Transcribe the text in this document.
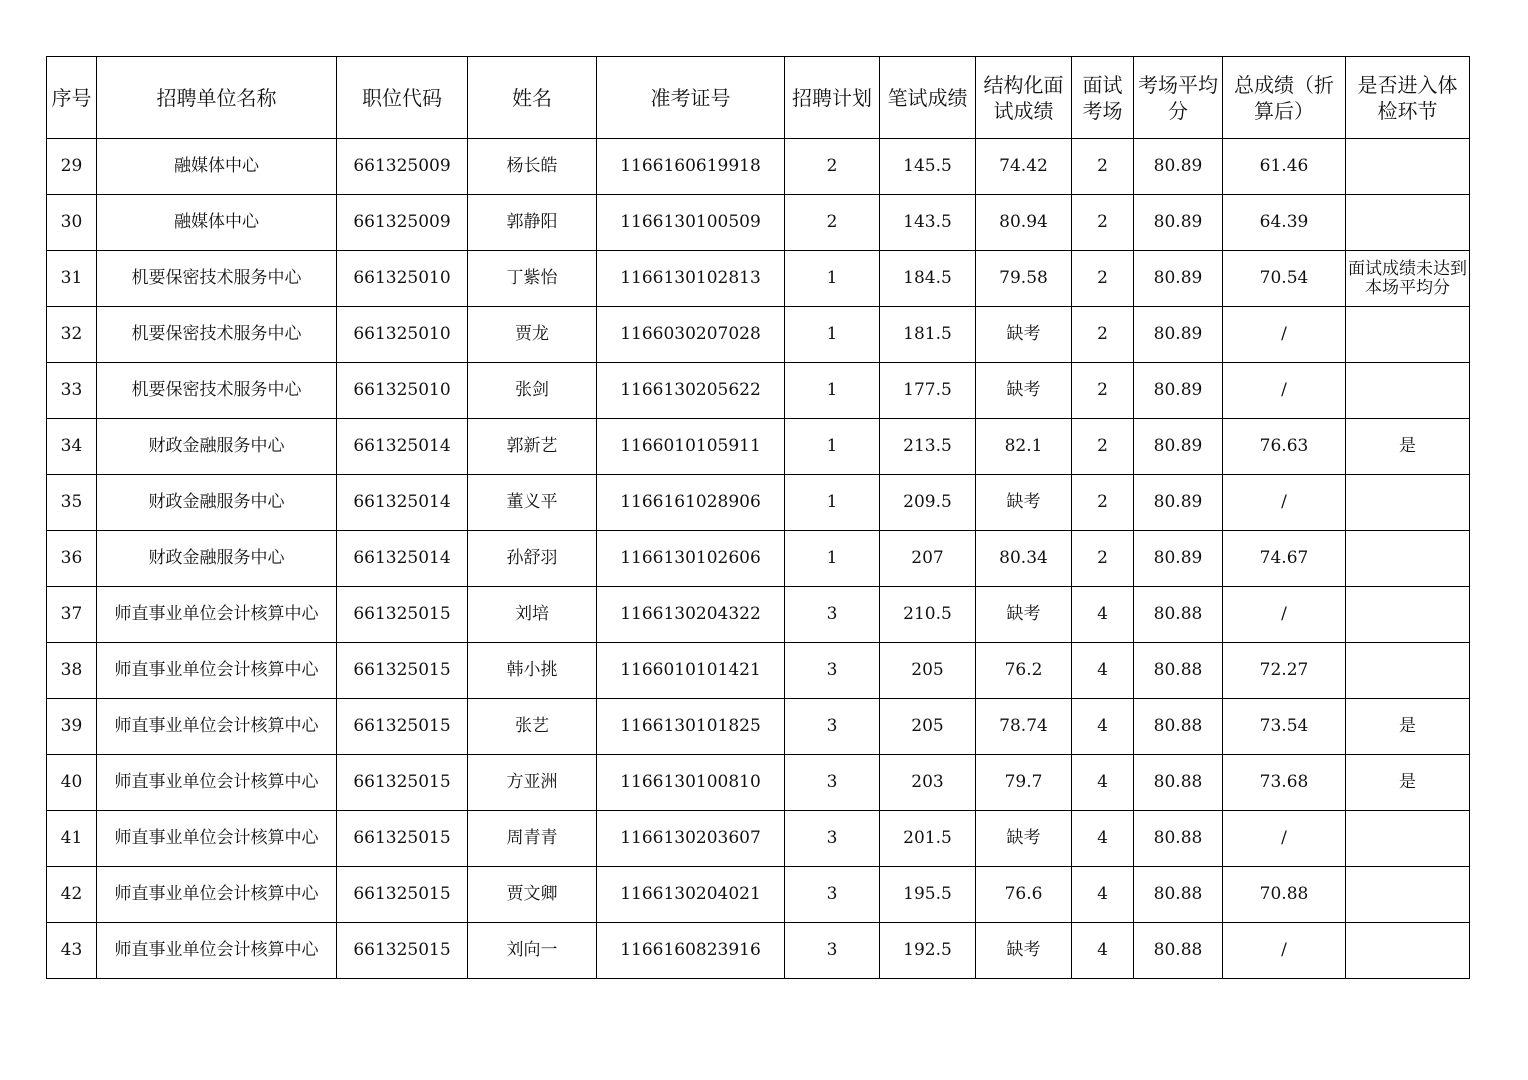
序号	招聘单位名称	职位代码	姓名	准考证号	招聘计划	笔试成绩	结构化面试成绩	面试考场	考场平均分	总成绩（折算后）	是否进入体检环节
29	融媒体中心	661325009	杨长皓	1166160619918	2	145.5	74.42	2	80.89	61.46	
30	融媒体中心	661325009	郭静阳	1166130100509	2	143.5	80.94	2	80.89	64.39	
31	机要保密技术服务中心	661325010	丁紫怡	1166130102813	1	184.5	79.58	2	80.89	70.54	面试成绩未达到本场平均分
32	机要保密技术服务中心	661325010	贾龙	1166030207028	1	181.5	缺考	2	80.89	/	
33	机要保密技术服务中心	661325010	张剑	1166130205622	1	177.5	缺考	2	80.89	/	
34	财政金融服务中心	661325014	郭新艺	1166010105911	1	213.5	82.1	2	80.89	76.63	是
35	财政金融服务中心	661325014	董义平	1166161028906	1	209.5	缺考	2	80.89	/	
36	财政金融服务中心	661325014	孙舒羽	1166130102606	1	207	80.34	2	80.89	74.67	
37	师直事业单位会计核算中心	661325015	刘培	1166130204322	3	210.5	缺考	4	80.88	/	
38	师直事业单位会计核算中心	661325015	韩小挑	1166010101421	3	205	76.2	4	80.88	72.27	
39	师直事业单位会计核算中心	661325015	张艺	1166130101825	3	205	78.74	4	80.88	73.54	是
40	师直事业单位会计核算中心	661325015	方亚洲	1166130100810	3	203	79.7	4	80.88	73.68	是
41	师直事业单位会计核算中心	661325015	周青青	1166130203607	3	201.5	缺考	4	80.88	/	
42	师直事业单位会计核算中心	661325015	贾文卿	1166130204021	3	195.5	76.6	4	80.88	70.88	
43	师直事业单位会计核算中心	661325015	刘向一	1166160823916	3	192.5	缺考	4	80.88	/	
